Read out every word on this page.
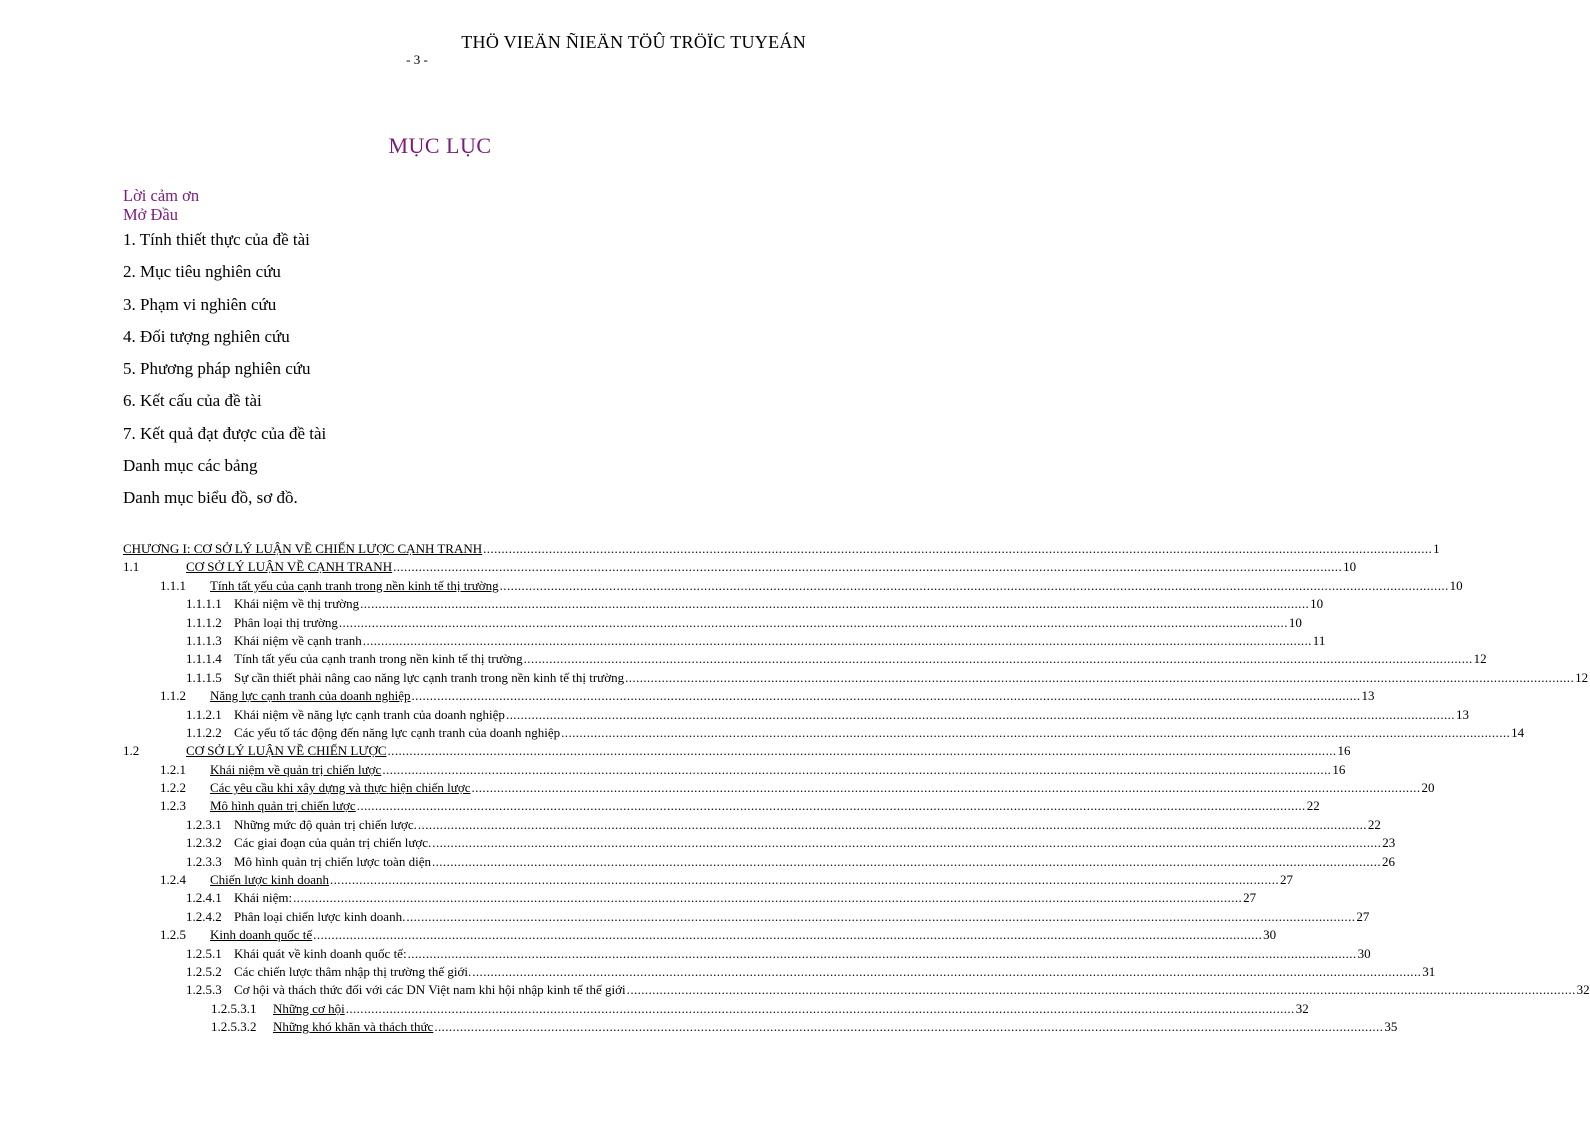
THÖ VIEÄN ÑIEÄN TÖÛ TRÖÏC TUYEÁN
- 3 -
MỤC LỤC
Lời cảm ơn
Mở Đầu
1. Tính thiết thực của đề tài
2. Mục tiêu nghiên cứu
3. Phạm vi nghiên cứu
4. Đối tượng nghiên cứu
5. Phương pháp nghiên cứu
6. Kết cấu của đề tài
7. Kết quả đạt được của đề tài
Danh mục các bảng
Danh mục biểu đồ, sơ đồ.
CHƯƠNG I: CƠ SỞ LÝ LUẬN VỀ CHIẾN LƯỢC CẠNH TRANH .................................................................................................................................................................................................................................................................... 1
1.1	CƠ SỞ LÝ LUẬN VỀ CẠNH TRANH .................................................................................................................................................................................................................................................................... 10
1.1.1	Tính tất yếu của cạnh tranh trong nền kinh tế thị trường .................................................................................................................................................................................................................................................................... 10
1.1.1.1 Khái niệm về thị trường .................................................................................................................................................................................................................................................................... 10
1.1.1.2 Phân loại thị trường .................................................................................................................................................................................................................................................................... 10
1.1.1.3 Khái niệm về cạnh tranh .................................................................................................................................................................................................................................................................... 11
1.1.1.4 Tính tất yếu của cạnh tranh trong nền kinh tế thị trường .................................................................................................................................................................................................................................................................... 12
1.1.1.5 Sự cần thiết phải nâng cao năng lực cạnh tranh trong nền kinh tế thị trường .................................................................................................................................................................................................................................................................... 12
1.1.2	Năng lực cạnh tranh của doanh nghiệp .................................................................................................................................................................................................................................................................... 13
1.1.2.1 Khái niệm về năng lực cạnh tranh của doanh nghiệp .................................................................................................................................................................................................................................................................... 13
1.1.2.2 Các yếu tố tác động đến năng lực cạnh tranh của doanh nghiệp .................................................................................................................................................................................................................................................................... 14
1.2	CƠ SỞ LÝ LUẬN VỀ CHIẾN LƯỢC .................................................................................................................................................................................................................................................................... 16
1.2.1	Khái niệm về quản trị chiến lược .................................................................................................................................................................................................................................................................... 16
1.2.2	Các yêu cầu khi xây dựng và thực hiện chiến lược .................................................................................................................................................................................................................................................................... 20
1.2.3	Mô hình quản trị chiến lược .................................................................................................................................................................................................................................................................... 22
1.2.3.1 Những mức độ quản trị chiến lược. .................................................................................................................................................................................................................................................................... 22
1.2.3.2 Các giai đoạn của quản trị chiến lược. .................................................................................................................................................................................................................................................................... 23
1.2.3.3 Mô hình quản trị chiến lược toàn diện .................................................................................................................................................................................................................................................................... 26
1.2.4	Chiến lược kinh doanh .................................................................................................................................................................................................................................................................... 27
1.2.4.1 Khái niệm: .................................................................................................................................................................................................................................................................... 27
1.2.4.2 Phân loại chiến lược kinh doanh. .................................................................................................................................................................................................................................................................... 27
1.2.5	Kinh doanh quốc tế .................................................................................................................................................................................................................................................................... 30
1.2.5.1 Khái quát về kinh doanh quốc tế: .................................................................................................................................................................................................................................................................... 30
1.2.5.2 Các chiến lược thâm nhập thị trường thế giới. .................................................................................................................................................................................................................................................................... 31
1.2.5.3 Cơ hội và thách thức đối với các DN Việt nam khi hội nhập kinh tế thế giới .................................................................................................................................................................................................................................................................... 32
1.2.5.3.1	Những cơ hội .................................................................................................................................................................................................................................................................... 32
1.2.5.3.2	Những khó khăn và thách thức .................................................................................................................................................................................................................................................................... 35
